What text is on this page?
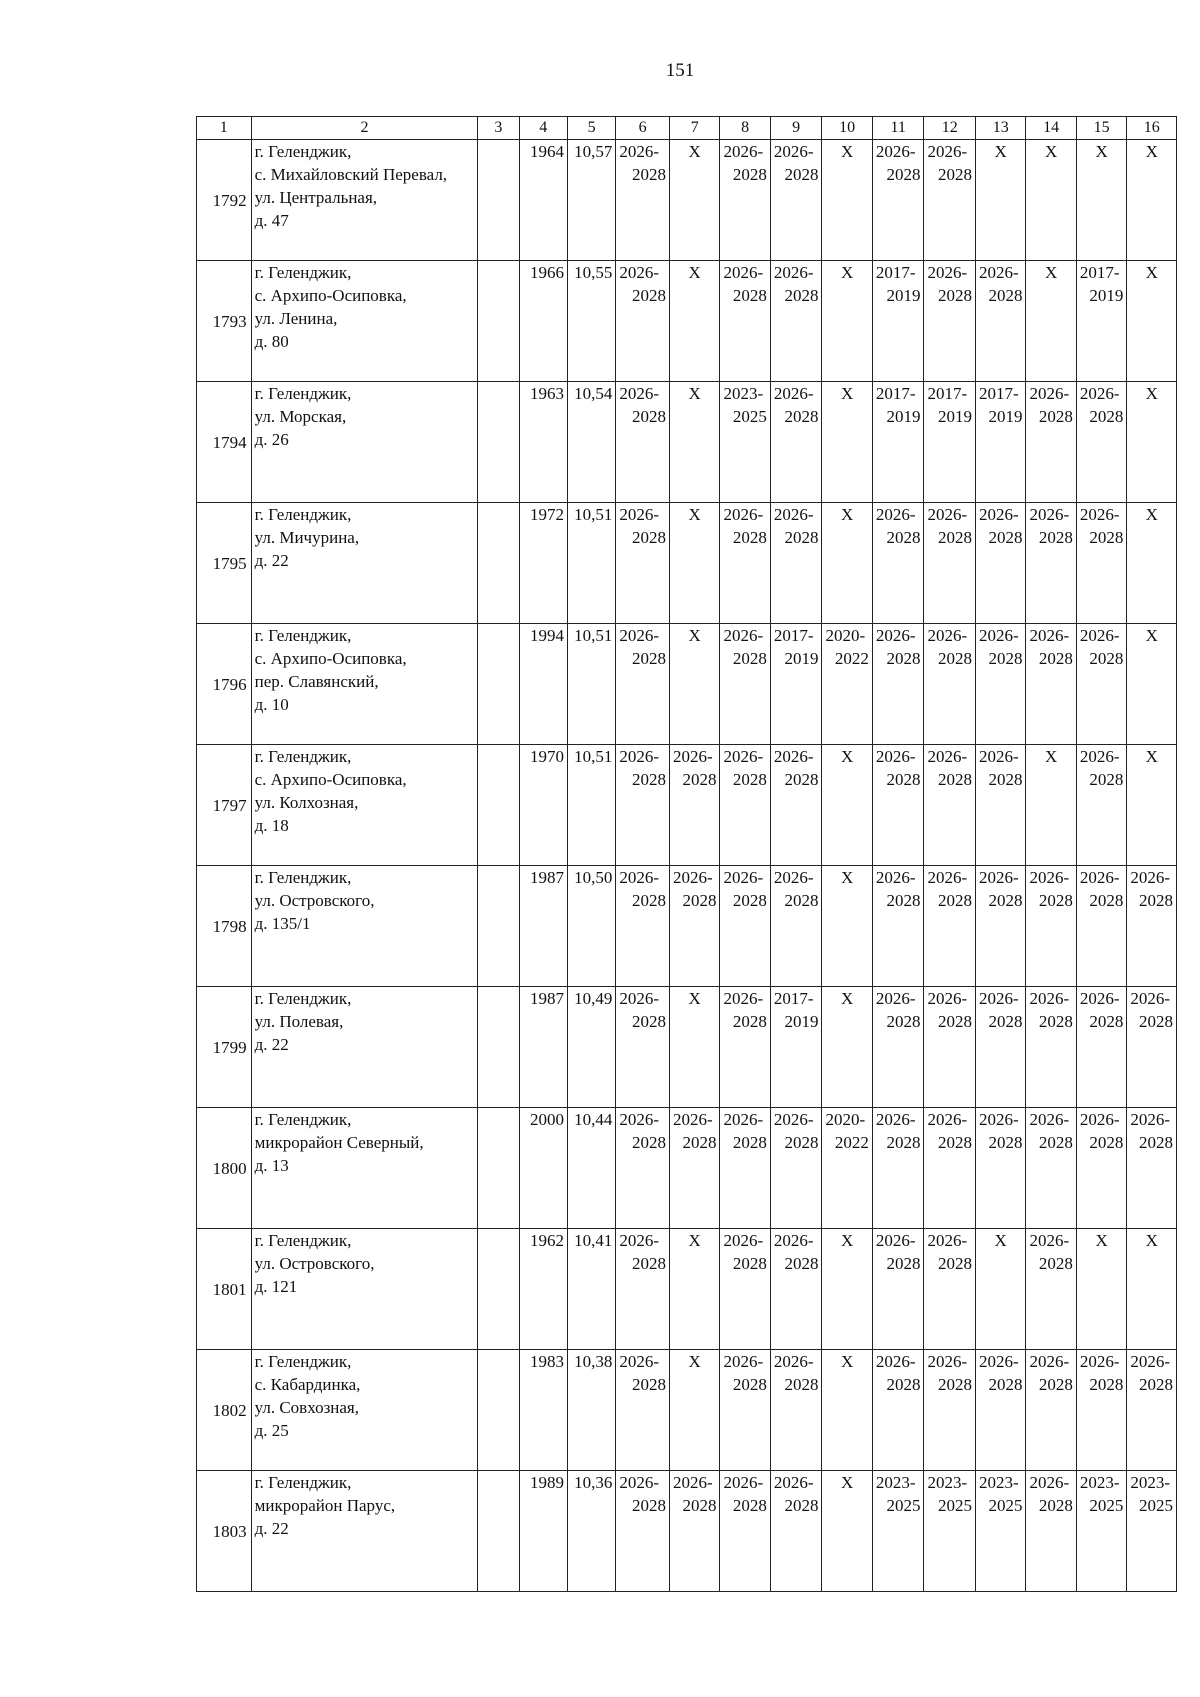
151
1	2	3	4	5	6	7	8	9	10	11	12	13	14	15	16
1792	г. Геленджик,
с. Михайловский Перевал,
ул. Центральная,
д. 47		1964	10,57	2026-
2028	X	2026-
2028	2026-
2028	X	2026-
2028	2026-
2028	X	X	X	X
1793	г. Геленджик,
с. Архипо-Осиповка,
ул. Ленина,
д. 80		1966	10,55	2026-
2028	X	2026-
2028	2026-
2028	X	2017-
2019	2026-
2028	2026-
2028	X	2017-
2019	X
1794	г. Геленджик,
ул. Морская,
д. 26		1963	10,54	2026-
2028	X	2023-
2025	2026-
2028	X	2017-
2019	2017-
2019	2017-
2019	2026-
2028	2026-
2028	X
1795	г. Геленджик,
ул. Мичурина,
д. 22		1972	10,51	2026-
2028	X	2026-
2028	2026-
2028	X	2026-
2028	2026-
2028	2026-
2028	2026-
2028	2026-
2028	X
1796	г. Геленджик,
с. Архипо-Осиповка,
пер. Славянский,
д. 10		1994	10,51	2026-
2028	X	2026-
2028	2017-
2019	2020-
2022	2026-
2028	2026-
2028	2026-
2028	2026-
2028	2026-
2028	X
1797	г. Геленджик,
с. Архипо-Осиповка,
ул. Колхозная,
д. 18		1970	10,51	2026-
2028	2026-
2028	2026-
2028	2026-
2028	X	2026-
2028	2026-
2028	2026-
2028	X	2026-
2028	X
1798	г. Геленджик,
ул. Островского,
д. 135/1		1987	10,50	2026-
2028	2026-
2028	2026-
2028	2026-
2028	X	2026-
2028	2026-
2028	2026-
2028	2026-
2028	2026-
2028	2026-
2028

1799	г. Геленджик,
ул. Полевая,
д. 22		1987	10,49	2026-
2028	X	2026-
2028	2017-
2019	X	2026-
2028	2026-
2028	2026-
2028	2026-
2028	2026-
2028	2026-
2028

1800	г. Геленджик,
микрорайон Северный,
д. 13		2000	10,44	2026-
2028	2026-
2028	2026-
2028	2026-
2028	2020-
2022	2026-
2028	2026-
2028	2026-
2028	2026-
2028	2026-
2028	2026-
2028

1801	г. Геленджик,
ул. Островского,
д. 121		1962	10,41	2026-
2028	X	2026-
2028	2026-
2028	X	2026-
2028	2026-
2028	X	2026-
2028	X	X
1802	г. Геленджик,
с. Кабардинка,
ул. Совхозная,
д. 25		1983	10,38	2026-
2028	X	2026-
2028	2026-
2028	X	2026-
2028	2026-
2028	2026-
2028	2026-
2028	2026-
2028	2026-
2028

1803	г. Геленджик,
микрорайон Парус,
д. 22		1989	10,36	2026-
2028	2026-
2028	2026-
2028	2026-
2028	X	2023-
2025	2023-
2025	2023-
2025	2026-
2028	2023-
2025	2023-
2025
